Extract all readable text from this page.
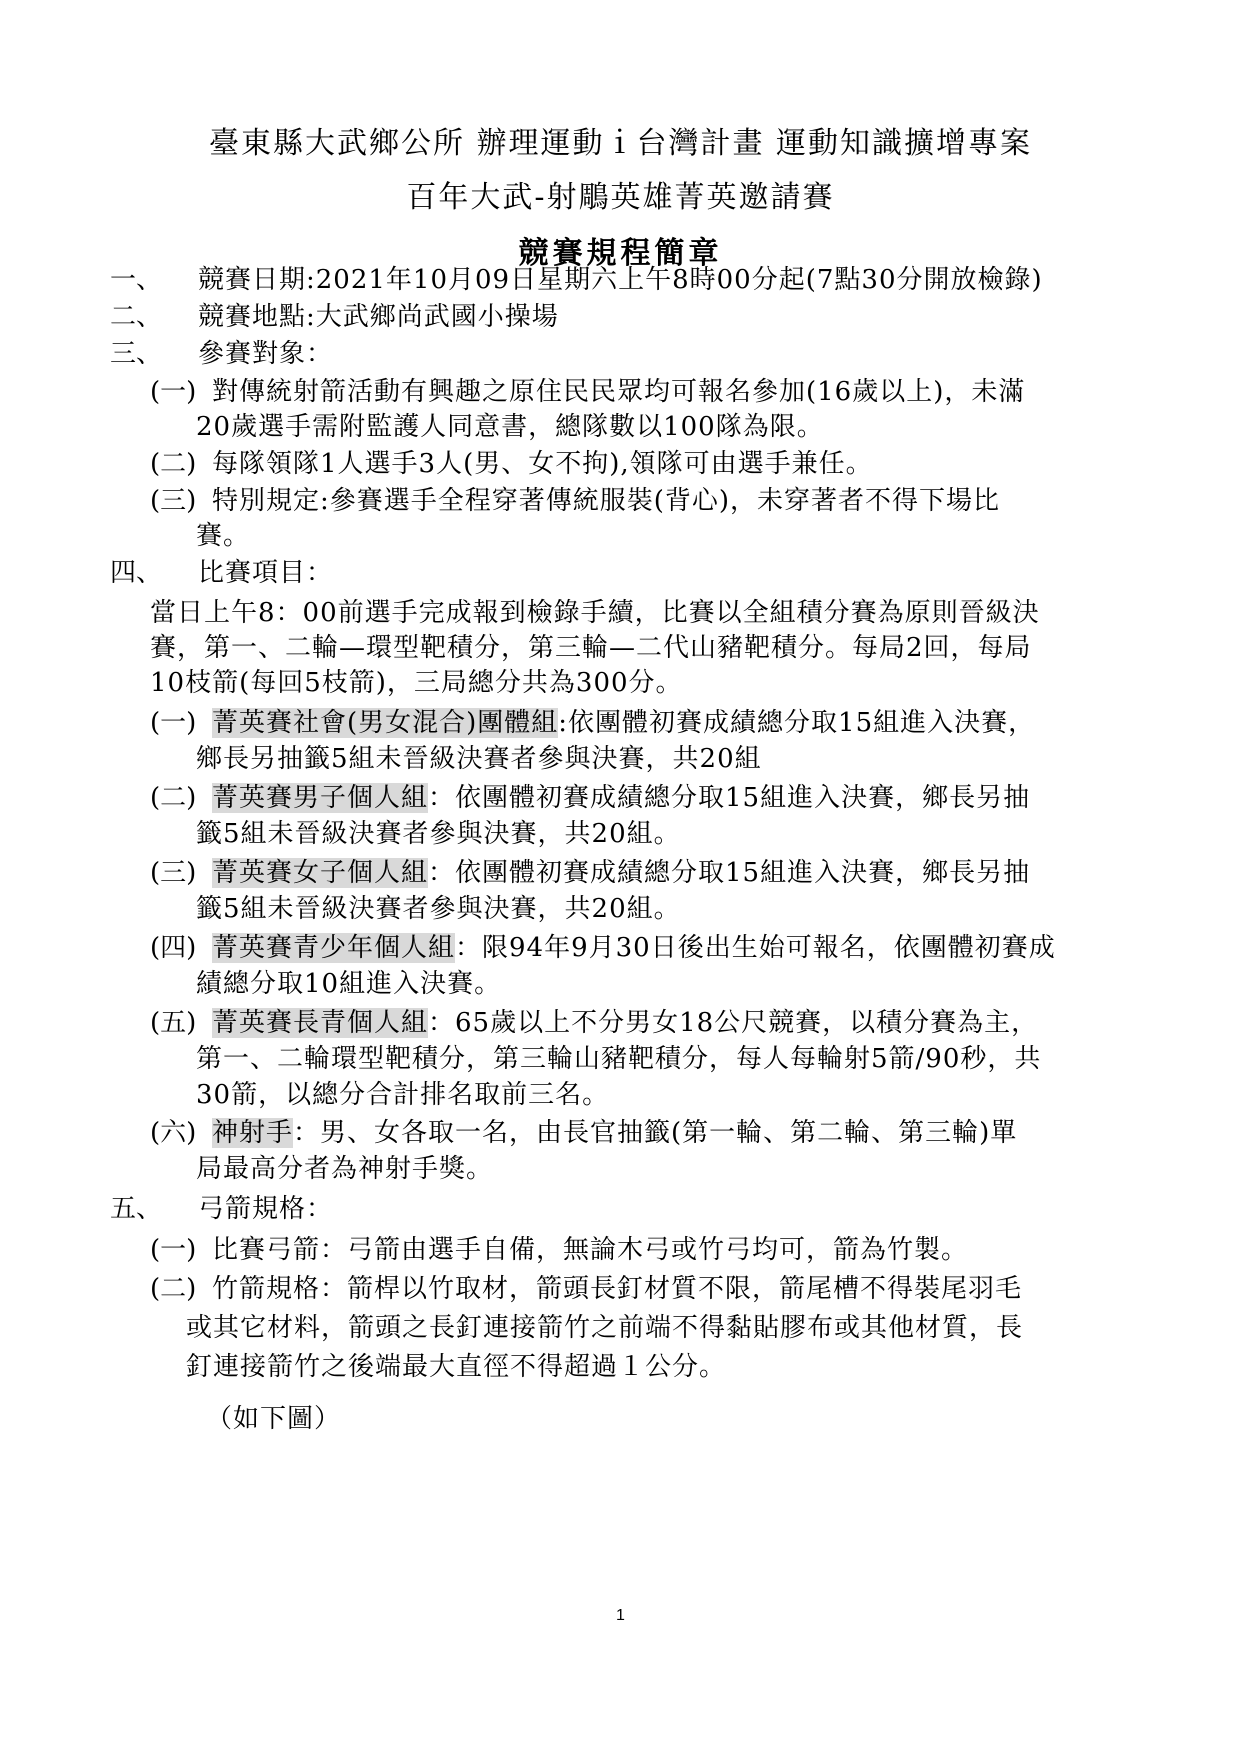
臺東縣大武鄉公所 辦理運動ｉ台灣計畫 運動知識擴增專案
百年大武-射鵰英雄菁英邀請賽
競賽規程簡章
一、 競賽日期:2021年10月09日星期六上午8時00分起(7點30分開放檢錄)
二、 競賽地點:大武鄉尚武國小操場
三、 參賽對象：
(一) 對傳統射箭活動有興趣之原住民民眾均可報名參加(16歲以上)，未滿
20歲選手需附監護人同意書，總隊數以100隊為限。
(二) 每隊領隊1人選手3人(男、女不拘),領隊可由選手兼任。
(三) 特別規定:參賽選手全程穿著傳統服裝(背心)，未穿著者不得下場比
賽。
四、 比賽項目：
當日上午8：00前選手完成報到檢錄手續，比賽以全組積分賽為原則晉級決
賽，第一、二輪—環型靶積分，第三輪—二代山豬靶積分。每局2回，每局
10枝箭(每回5枝箭)，三局總分共為300分。
(一) 菁英賽社會(男女混合)團體組:依團體初賽成績總分取15組進入決賽，
鄉長另抽籤5組未晉級決賽者參與決賽，共20組
(二) 菁英賽男子個人組：依團體初賽成績總分取15組進入決賽，鄉長另抽
籤5組未晉級決賽者參與決賽，共20組。
(三) 菁英賽女子個人組：依團體初賽成績總分取15組進入決賽，鄉長另抽
籤5組未晉級決賽者參與決賽，共20組。
(四) 菁英賽青少年個人組：限94年9月30日後出生始可報名，依團體初賽成
績總分取10組進入決賽。
(五) 菁英賽長青個人組：65歲以上不分男女18公尺競賽，以積分賽為主，
第一、二輪環型靶積分，第三輪山豬靶積分，每人每輪射5箭/90秒，共
30箭，以總分合計排名取前三名。
(六) 神射手：男、女各取一名，由長官抽籤(第一輪、第二輪、第三輪)單
局最高分者為神射手獎。
五、 弓箭規格：
(一) 比賽弓箭：弓箭由選手自備，無論木弓或竹弓均可，箭為竹製。
(二) 竹箭規格：箭桿以竹取材，箭頭長釘材質不限，箭尾槽不得裝尾羽毛
或其它材料，箭頭之長釘連接箭竹之前端不得黏貼膠布或其他材質，長
釘連接箭竹之後端最大直徑不得超過１公分。
（如下圖）
1
